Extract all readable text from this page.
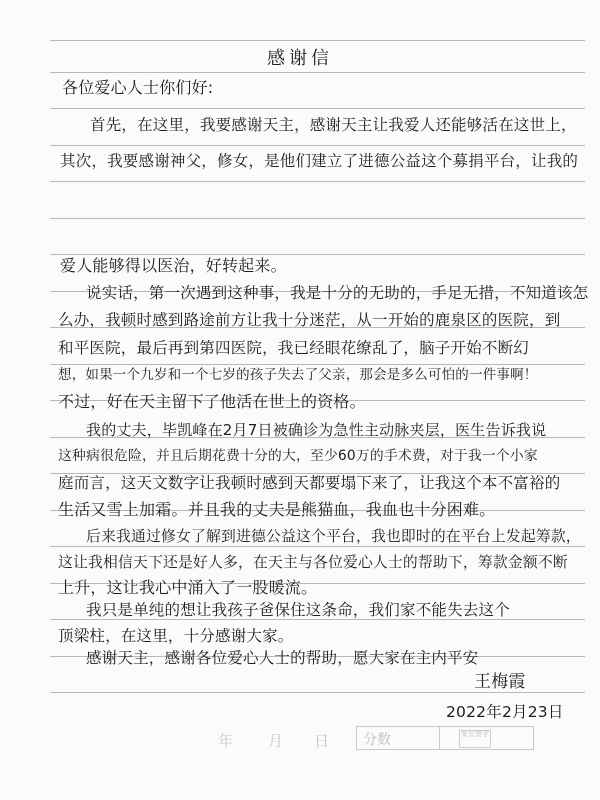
感谢信
各位爱心人士你们好:
首先，在这里，我要感谢天主，感谢天主让我爱人还能够活在这世上，
其次，我要感谢神父，修女，是他们建立了进德公益这个募捐平台，让我的
爱人能够得以医治，好转起来。
说实话，第一次遇到这种事，我是十分的无助的，手足无措，不知道该怎
么办，我顿时感到路途前方让我十分迷茫，从一开始的鹿泉区的医院，到
和平医院，最后再到第四医院，我已经眼花缭乱了，脑子开始不断幻
想，如果一个九岁和一个七岁的孩子失去了父亲，那会是多么可怕的一件事啊！
不过，好在天主留下了他活在世上的资格。
我的丈夫，毕凯峰在2月7日被确诊为急性主动脉夹层，医生告诉我说
这种病很危险，并且后期花费十分的大，至少60万的手术费，对于我一个小家
庭而言，这天文数字让我顿时感到天都要塌下来了，让我这个本不富裕的
生活又雪上加霜。并且我的丈夫是熊猫血，我血也十分困难。
后来我通过修女了解到进德公益这个平台，我也即时的在平台上发起筹款，
这让我相信天下还是好人多，在天主与各位爱心人士的帮助下，筹款金额不断
上升，这让我心中涌入了一股暖流。
我只是单纯的想让我孩子爸保住这条命，我们家不能失去这个
年 月 日 分数	家长签字
顶梁柱，在这里，十分感谢大家。
感谢天主，感谢各位爱心人士的帮助，愿大家在主内平安
王梅霞
2022年2月23日
